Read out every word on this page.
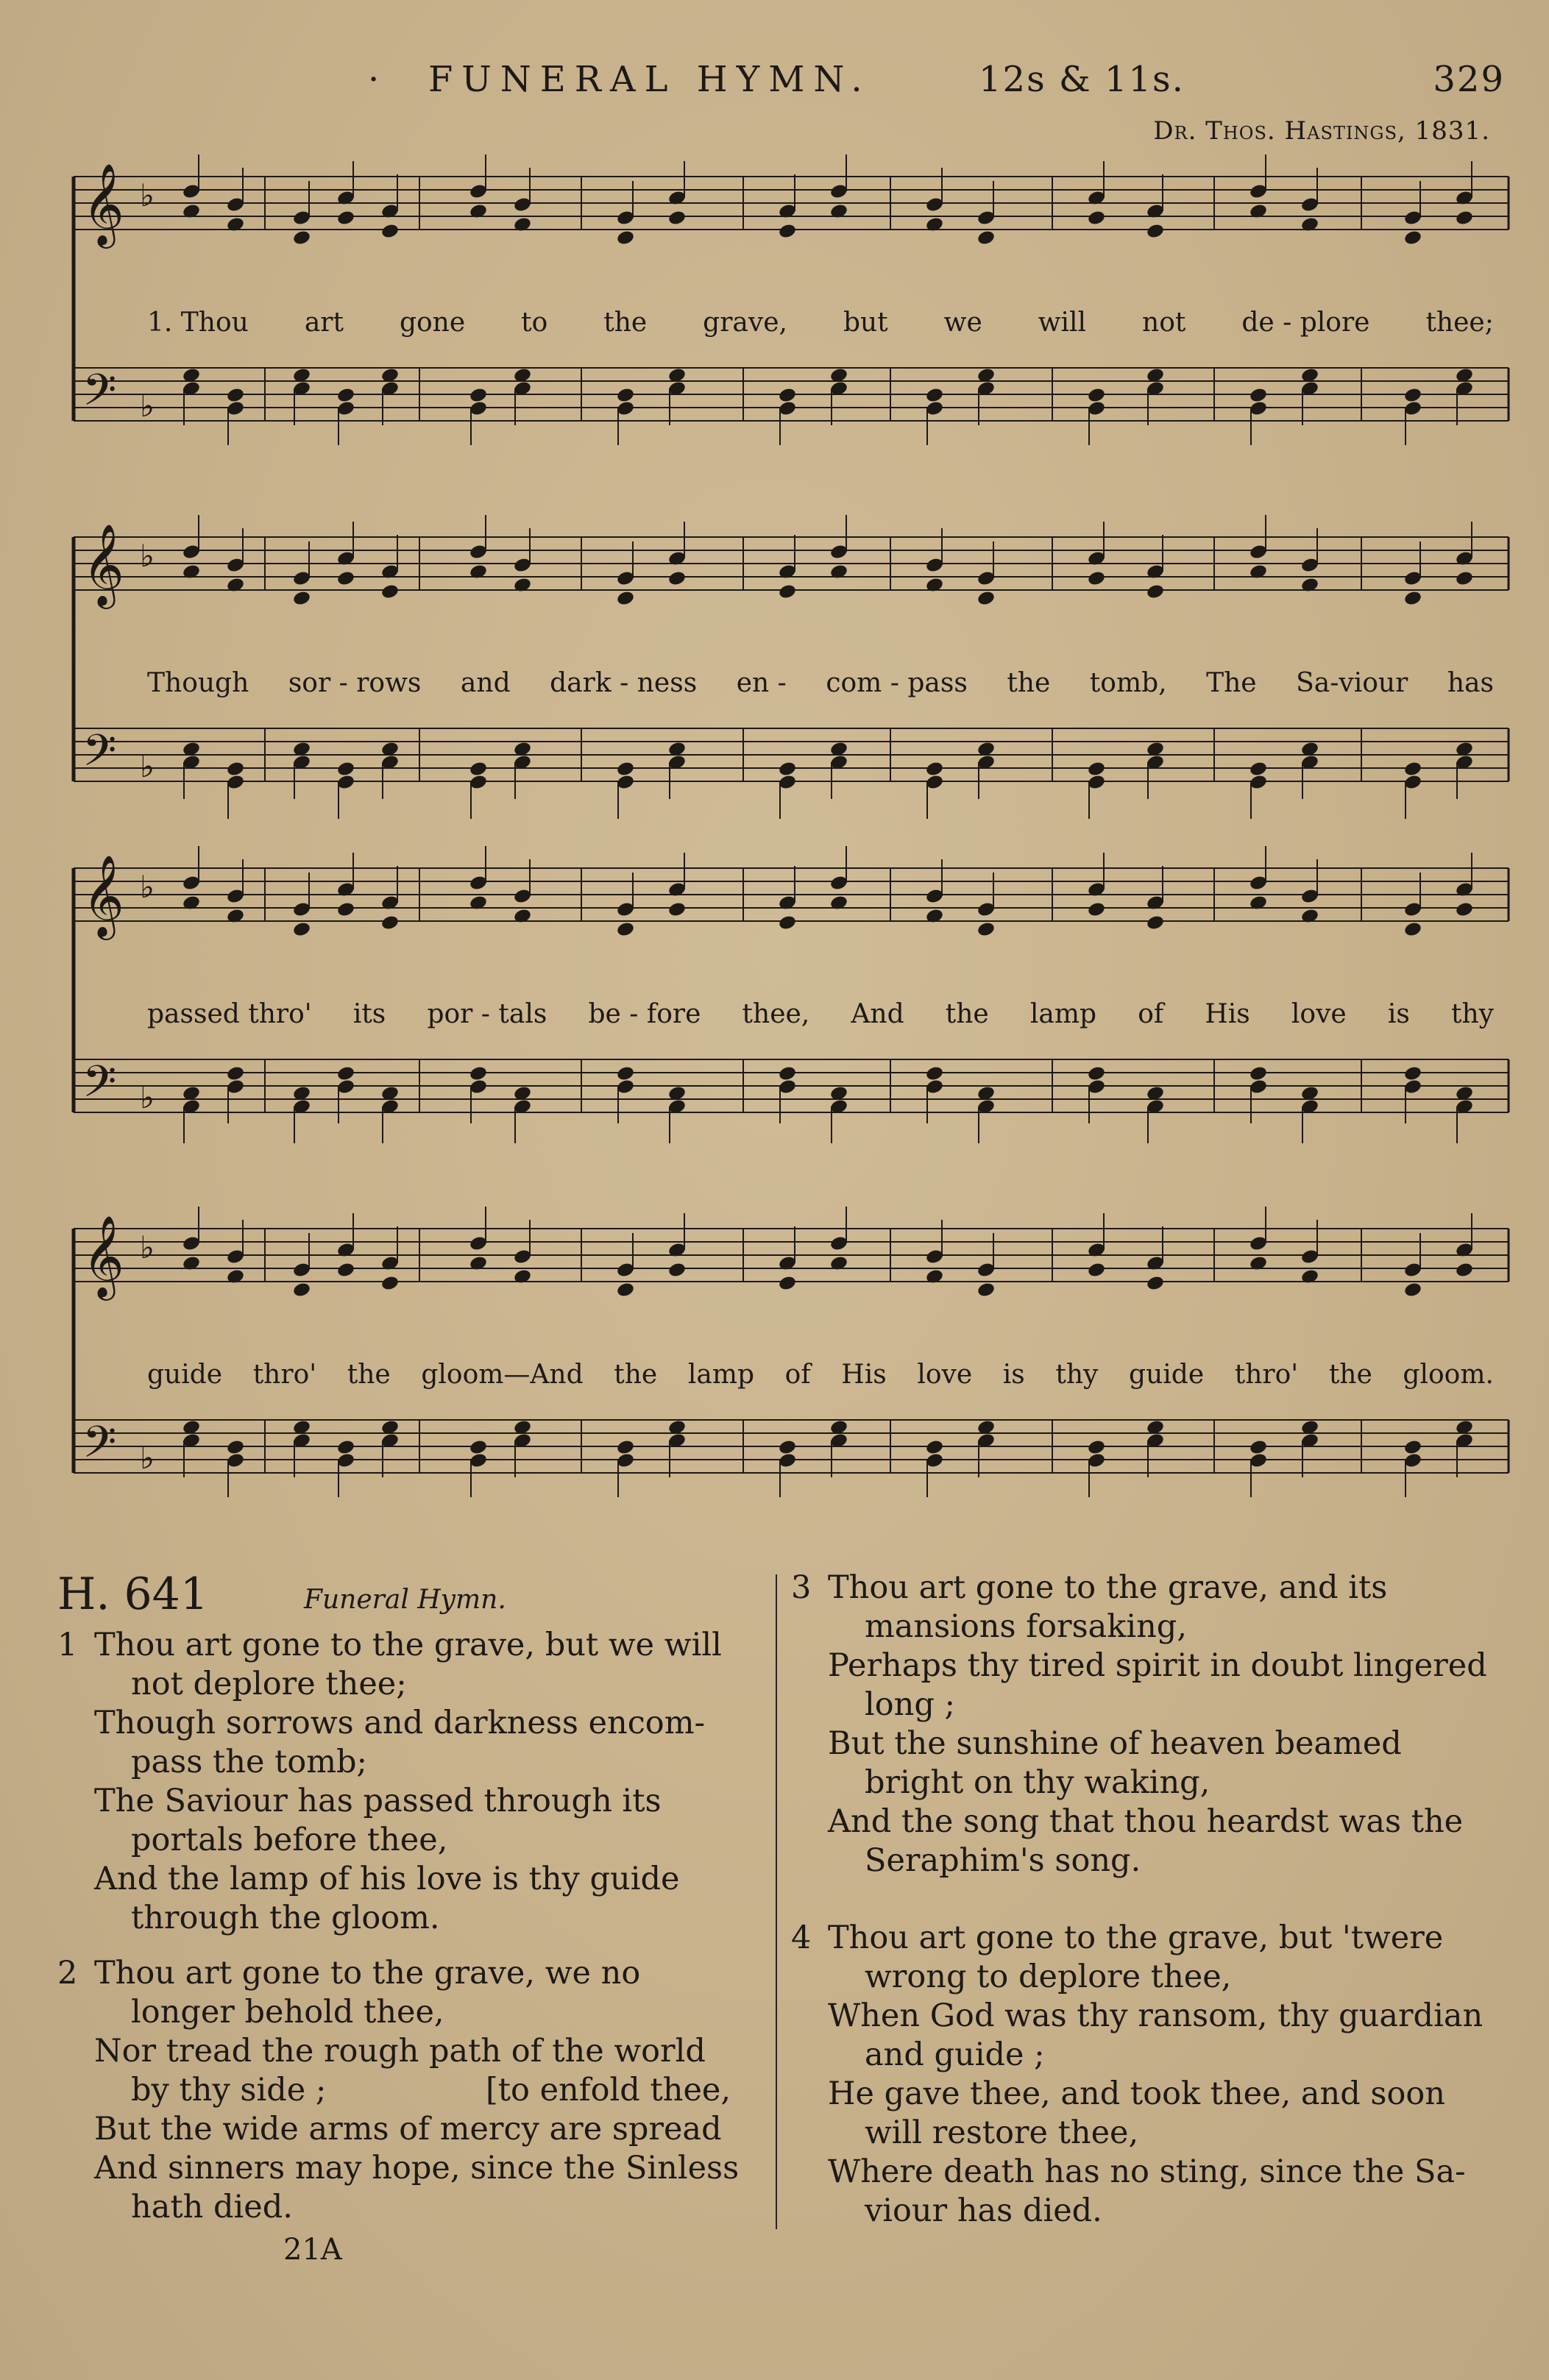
· FUNERAL HYMN.	12s & 11s.	329
Dr. Thos. Hastings, 1831.
𝄞
𝄢
♭
♭
1. Thou art gone to the grave, but we will not de - plore thee;
𝄞
𝄢
♭
♭
Though sor - rows and dark - ness en - com - pass the tomb, The Sa-viour has
𝄞
𝄢
♭
♭
passed thro' its por - tals be - fore thee, And the lamp of His love is thy
𝄞
𝄢
♭
♭
guide thro' the gloom—And the lamp of His love is thy guide thro' the gloom.
H. 641	Funeral Hymn.
1 Thou art gone to the grave, but we will
not deplore thee;
Though sorrows and darkness encom-
pass the tomb;
The Saviour has passed through its
portals before thee,
And the lamp of his love is thy guide
through the gloom.
2 Thou art gone to the grave, we no
longer behold thee,
Nor tread the rough path of the world
by thy side ;	[to enfold thee,
But the wide arms of mercy are spread
And sinners may hope, since the Sinless
hath died.
3 Thou art gone to the grave, and its
mansions forsaking,
Perhaps thy tired spirit in doubt lingered
long ;
But the sunshine of heaven beamed
bright on thy waking,
And the song that thou heardst was the
Seraphim's song.
4 Thou art gone to the grave, but 'twere
wrong to deplore thee,
When God was thy ransom, thy guardian
and guide ;
He gave thee, and took thee, and soon
will restore thee,
Where death has no sting, since the Sa-
viour has died.
21A
